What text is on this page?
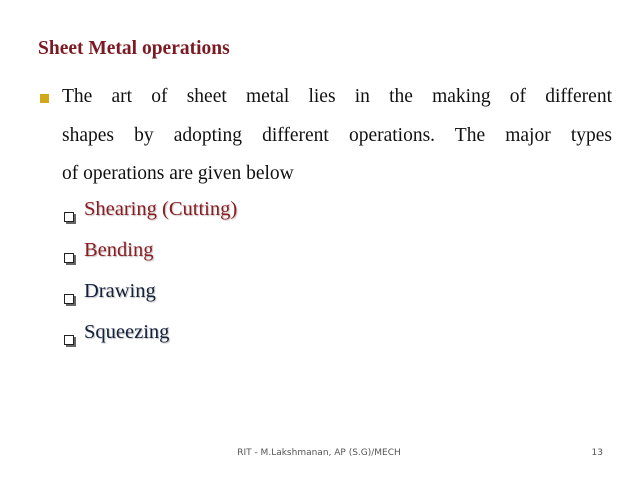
Sheet Metal operations
The art of sheet metal lies in the making of different
shapes by adopting different operations. The major types
of operations are given below
Shearing (Cutting)
Bending
Drawing
Squeezing
RIT - M.Lakshmanan, AP (S.G)/MECH	13
